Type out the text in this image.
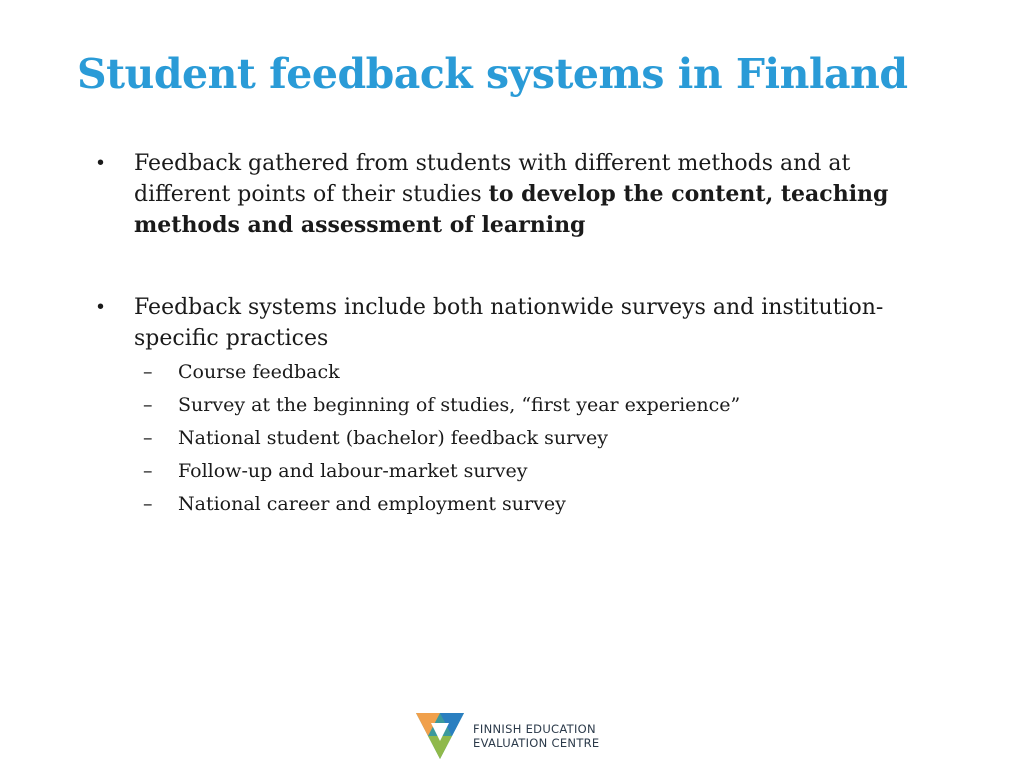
Student feedback systems in Finland
• Feedback gathered from students with different methods and at different points of their studies to develop the content, teaching methods and assessment of learning
• Feedback systems include both nationwide surveys and institution-specific practices
– Course feedback
– Survey at the beginning of studies, “first year experience”
– National student (bachelor) feedback survey
– Follow-up and labour-market survey
– National career and employment survey
FINNISH EDUCATION
EVALUATION CENTRE
